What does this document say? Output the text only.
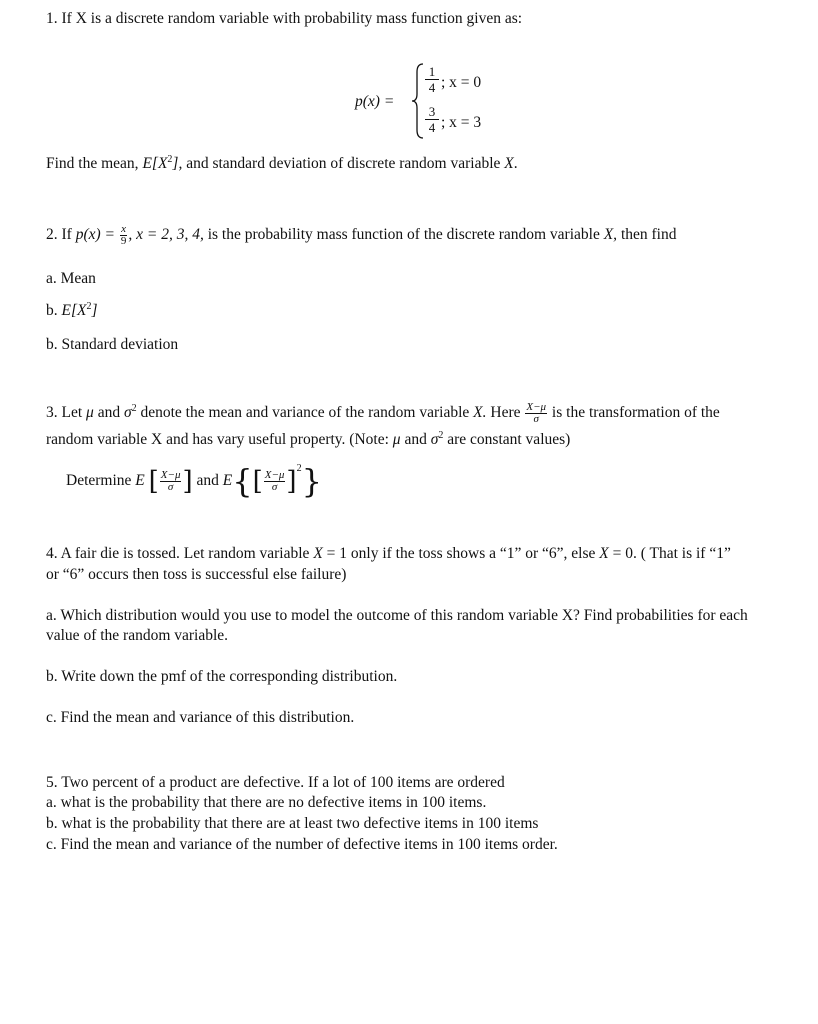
1. If X is a discrete random variable with probability mass function given as:
p(x) =
1
4 ; x = 0
3
4 ; x = 3
Find the mean, $E[X^2]$, and standard deviation of discrete random variable X.
2. If $p(x) = \frac{x}{9}$ , x = 2, 3, 4, is the probability mass function of the discrete random variable X, then find
a. Mean
b. $E[X^2]$
b. Standard deviation
3. Let μ and $\sigma^2$ denote the mean and variance of the random variable X. Here $\frac{X-\mu}{\sigma}$ is the transformation of the
random variable X and has vary useful property. (Note: μ and $\sigma^2$ are constant values)
Determine E [ $\frac{X-\mu}{\sigma}$ ] and $E\{[ \frac{X-\mu}{\sigma} ]^2\}$
4. A fair die is tossed. Let random variable X = 1 only if the toss shows a “1” or “6”, else X = 0. ( That is if “1”
or “6” occurs then toss is successful else failure)
a. Which distribution would you use to model the outcome of this random variable X? Find probabilities for each
value of the random variable.
b. Write down the pmf of the corresponding distribution.
c. Find the mean and variance of this distribution.
5. Two percent of a product are defective. If a lot of 100 items are ordered
a. what is the probability that there are no defective items in 100 items.
b. what is the probability that there are at least two defective items in 100 items
c. Find the mean and variance of the number of defective items in 100 items order.
